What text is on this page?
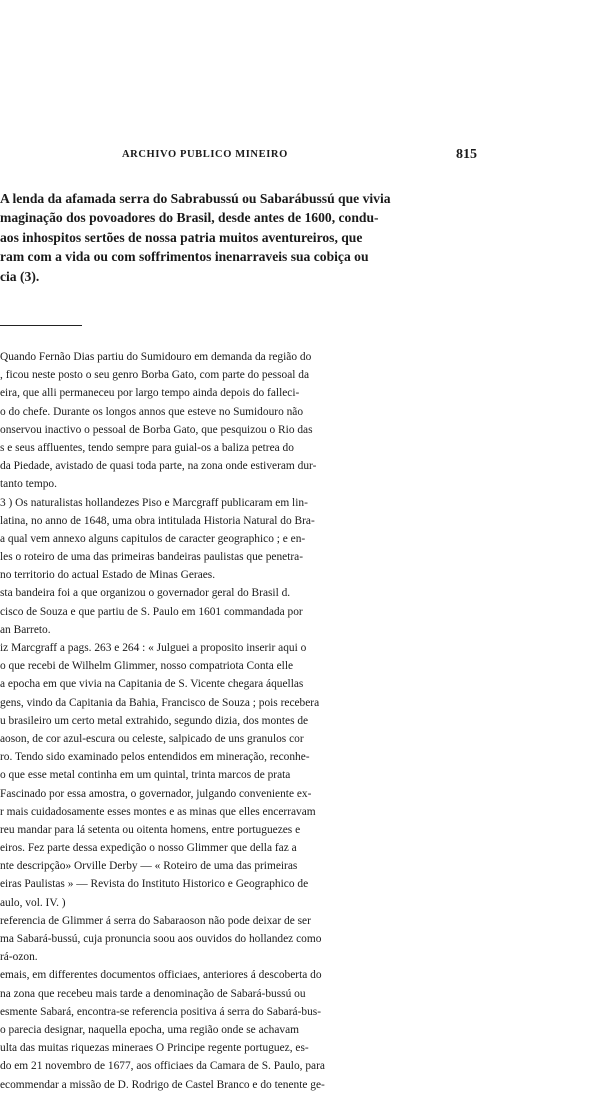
ARCHIVO PUBLICO MINEIRO	815
A lenda da afamada serra do Sabrabussú ou Sabarábussú que vivia
maginação dos povoadores do Brasil, desde antes de 1600, condu-
aos inhospitos sertões de nossa patria muitos aventureiros, que
ram com a vida ou com soffrimentos inenarraveis sua cobiça ou
cia (3).
Quando Fernão Dias partiu do Sumidouro em demanda da região do
, ficou neste posto o seu genro Borba Gato, com parte do pessoal da
eira, que alli permaneceu por largo tempo ainda depois do falleci-
o do chefe. Durante os longos annos que esteve no Sumidouro não
onservou inactivo o pessoal de Borba Gato, que pesquizou o Rio das
s e seus affluentes, tendo sempre para guial-os a baliza petrea do
da Piedade, avistado de quasi toda parte, na zona onde estiveram dur-
tanto tempo.
3 ) Os naturalistas hollandezes Piso e Marcgraff publicaram em lin-
latina, no anno de 1648, uma obra intitulada Historia Natural do Bra-
a qual vem annexo alguns capitulos de caracter geographico ; e en-
les o roteiro de uma das primeiras bandeiras paulistas que penetra-
no territorio do actual Estado de Minas Geraes.
sta bandeira foi a que organizou o governador geral do Brasil d.
cisco de Souza e que partiu de S. Paulo em 1601 commandada por
an Barreto.
iz Marcgraff a pags. 263 e 264 : « Julguei a proposito inserir aqui o
o que recebi de Wilhelm Glimmer, nosso compatriota Conta elle
a epocha em que vivia na Capitania de S. Vicente chegara áquellas
gens, vindo da Capitania da Bahia, Francisco de Souza ; pois recebera
u brasileiro um certo metal extrahido, segundo dizia, dos montes de
aoson, de cor azul-escura ou celeste, salpicado de uns granulos cor
ro. Tendo sido examinado pelos entendidos em mineração, reconhe-
o que esse metal continha em um quintal, trinta marcos de prata
Fascinado por essa amostra, o governador, julgando conveniente ex-
r mais cuidadosamente esses montes e as minas que elles encerravam
reu mandar para lá setenta ou oitenta homens, entre portuguezes e
eiros. Fez parte dessa expedição o nosso Glimmer que della faz a
nte descripção» Orville Derby — « Roteiro de uma das primeiras
eiras Paulistas » — Revista do Instituto Historico e Geographico de
aulo, vol. IV. )
referencia de Glimmer á serra do Sabaraoson não pode deixar de ser
ma Sabará-bussú, cuja pronuncia soou aos ouvidos do hollandez como
rá-ozon.
emais, em differentes documentos officiaes, anteriores á descoberta do
na zona que recebeu mais tarde a denominação de Sabará-bussú ou
esmente Sabará, encontra-se referencia positiva á serra do Sabará-bus-
o parecia designar, naquella epocha, uma região onde se achavam
ulta das muitas riquezas mineraes O Principe regente portuguez, es-
do em 21 novembro de 1677, aos officiaes da Camara de S. Paulo, para
ecommendar a missão de D. Rodrigo de Castel Branco e do tenente ge-
